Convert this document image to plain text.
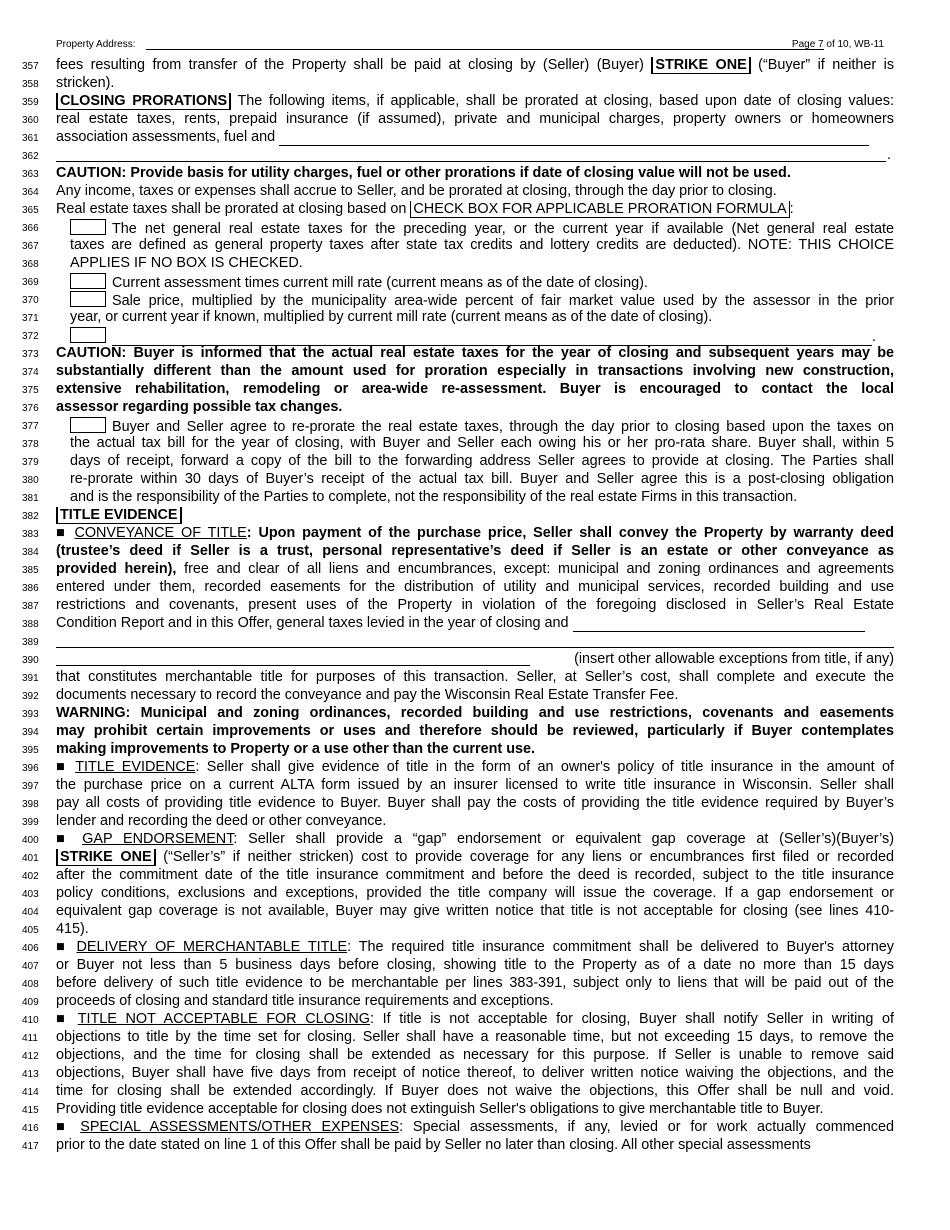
Property Address:	Page 7 of 10, WB-11
357	fees resulting from transfer of the Property shall be paid at closing by (Seller) (Buyer) STRIKE ONE (“Buyer” if neither is
358	stricken).
359	CLOSING PRORATIONS The following items, if applicable, shall be prorated at closing, based upon date of closing values:
360	real estate taxes, rents, prepaid insurance (if assumed), private and municipal charges, property owners or homeowners
361	association assessments, fuel and
362	.
363	CAUTION: Provide basis for utility charges, fuel or other prorations if date of closing value will not be used.
364	Any income, taxes or expenses shall accrue to Seller, and be prorated at closing, through the day prior to closing.
365	Real estate taxes shall be prorated at closing based on CHECK BOX FOR APPLICABLE PRORATION FORMULA :
366	The net general real estate taxes for the preceding year, or the current year if available (Net general real estate
367	taxes are defined as general property taxes after state tax credits and lottery credits are deducted). NOTE: THIS CHOICE
368	APPLIES IF NO BOX IS CHECKED.
369	Current assessment times current mill rate (current means as of the date of closing).
370	Sale price, multiplied by the municipality area-wide percent of fair market value used by the assessor in the prior
371	year, or current year if known, multiplied by current mill rate (current means as of the date of closing).
372	.
373	CAUTION: Buyer is informed that the actual real estate taxes for the year of closing and subsequent years may be
374	substantially different than the amount used for proration especially in transactions involving new construction,
375	extensive rehabilitation, remodeling or area-wide re-assessment. Buyer is encouraged to contact the local
376	assessor regarding possible tax changes.
377	Buyer and Seller agree to re-prorate the real estate taxes, through the day prior to closing based upon the taxes on
378	the actual tax bill for the year of closing, with Buyer and Seller each owing his or her pro-rata share. Buyer shall, within 5
379	days of receipt, forward a copy of the bill to the forwarding address Seller agrees to provide at closing. The Parties shall
380	re-prorate within 30 days of Buyer’s receipt of the actual tax bill. Buyer and Seller agree this is a post-closing obligation
381	and is the responsibility of the Parties to complete, not the responsibility of the real estate Firms in this transaction.
382	TITLE EVIDENCE
383	■ CONVEYANCE OF TITLE: Upon payment of the purchase price, Seller shall convey the Property by warranty deed
384	(trustee’s deed if Seller is a trust, personal representative’s deed if Seller is an estate or other conveyance as
385	provided herein), free and clear of all liens and encumbrances, except: municipal and zoning ordinances and agreements
386	entered under them, recorded easements for the distribution of utility and municipal services, recorded building and use
387	restrictions and covenants, present uses of the Property in violation of the foregoing disclosed in Seller’s Real Estate
388	Condition Report and in this Offer, general taxes levied in the year of closing and
389
390	(insert other allowable exceptions from title, if any)
391	that constitutes merchantable title for purposes of this transaction. Seller, at Seller’s cost, shall complete and execute the
392	documents necessary to record the conveyance and pay the Wisconsin Real Estate Transfer Fee.
393	WARNING: Municipal and zoning ordinances, recorded building and use restrictions, covenants and easements
394	may prohibit certain improvements or uses and therefore should be reviewed, particularly if Buyer contemplates
395	making improvements to Property or a use other than the current use.
396	■ TITLE EVIDENCE: Seller shall give evidence of title in the form of an owner's policy of title insurance in the amount of
397	the purchase price on a current ALTA form issued by an insurer licensed to write title insurance in Wisconsin. Seller shall
398	pay all costs of providing title evidence to Buyer. Buyer shall pay the costs of providing the title evidence required by Buyer’s
399	lender and recording the deed or other conveyance.
400	■ GAP ENDORSEMENT: Seller shall provide a “gap” endorsement or equivalent gap coverage at (Seller’s)(Buyer’s)
401	STRIKE ONE (“Seller’s” if neither stricken) cost to provide coverage for any liens or encumbrances first filed or recorded
402	after the commitment date of the title insurance commitment and before the deed is recorded, subject to the title insurance
403	policy conditions, exclusions and exceptions, provided the title company will issue the coverage. If a gap endorsement or
404	equivalent gap coverage is not available, Buyer may give written notice that title is not acceptable for closing (see lines 410-
405	415).
406	■ DELIVERY OF MERCHANTABLE TITLE: The required title insurance commitment shall be delivered to Buyer's attorney
407	or Buyer not less than 5 business days before closing, showing title to the Property as of a date no more than 15 days
408	before delivery of such title evidence to be merchantable per lines 383-391, subject only to liens that will be paid out of the
409	proceeds of closing and standard title insurance requirements and exceptions.
410	■ TITLE NOT ACCEPTABLE FOR CLOSING: If title is not acceptable for closing, Buyer shall notify Seller in writing of
411	objections to title by the time set for closing. Seller shall have a reasonable time, but not exceeding 15 days, to remove the
412	objections, and the time for closing shall be extended as necessary for this purpose. If Seller is unable to remove said
413	objections, Buyer shall have five days from receipt of notice thereof, to deliver written notice waiving the objections, and the
414	time for closing shall be extended accordingly. If Buyer does not waive the objections, this Offer shall be null and void.
415	Providing title evidence acceptable for closing does not extinguish Seller's obligations to give merchantable title to Buyer.
416	■ SPECIAL ASSESSMENTS/OTHER EXPENSES: Special assessments, if any, levied or for work actually commenced
417	prior to the date stated on line 1 of this Offer shall be paid by Seller no later than closing. All other special assessments
